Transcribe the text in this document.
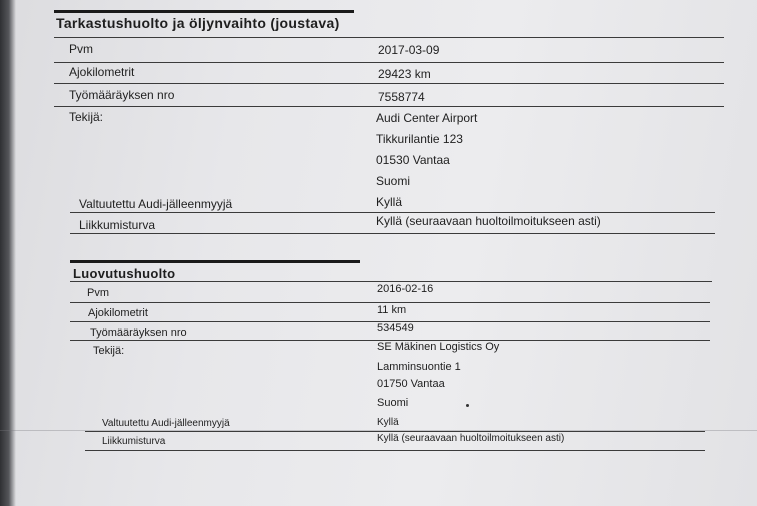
Tarkastushuolto ja öljynvaihto (joustava)
Pvm	2017-03-09
Ajokilometrit	29423 km
Työmääräyksen nro	7558774
Tekijä:	Audi Center Airport
Tikkurilantie 123
01530 Vantaa
Suomi
Valtuutettu Audi-jälleenmyyjä	Kyllä
Liikkumisturva	Kyllä (seuraavaan huoltoilmoitukseen asti)
Luovutushuolto
Pvm	2016-02-16
Ajokilometrit	11 km
Työmääräyksen nro	534549
Tekijä:	SE Mäkinen Logistics Oy
Lamminsuontie 1
01750 Vantaa
Suomi
Valtuutettu Audi-jälleenmyyjä	Kyllä
Liikkumisturva	Kyllä (seuraavaan huoltoilmoitukseen asti)
